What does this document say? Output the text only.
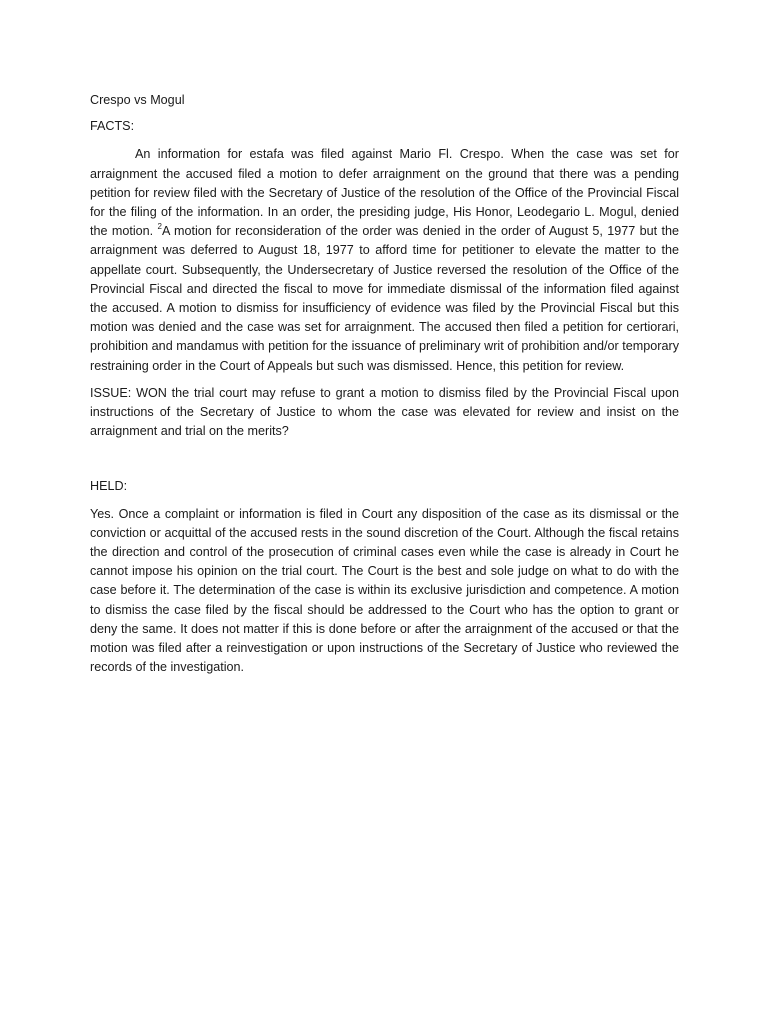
Crespo vs Mogul
FACTS:

An information for estafa was filed against Mario Fl. Crespo. When the case was set for arraignment the accused filed a motion to defer arraignment on the ground that there was a pending petition for review filed with the Secretary of Justice of the resolution of the Office of the Provincial Fiscal for the filing of the information. In an order, the presiding judge, His Honor, Leodegario L. Mogul, denied the motion. $^2$A motion for reconsideration of the order was denied in the order of August 5, 1977 but the arraignment was deferred to August 18, 1977 to afford time for petitioner to elevate the matter to the appellate court. Subsequently, the Undersecretary of Justice reversed the resolution of the Office of the Provincial Fiscal and directed the fiscal to move for immediate dismissal of the information filed against the accused. A motion to dismiss for insufficiency of evidence was filed by the Provincial Fiscal but this motion was denied and the case was set for arraignment. The accused then filed a petition for certiorari, prohibition and mandamus with petition for the issuance of preliminary writ of prohibition and/or temporary restraining order in the Court of Appeals but such was dismissed. Hence, this petition for review.

ISSUE: WON the trial court may refuse to grant a motion to dismiss filed by the Provincial Fiscal upon instructions of the Secretary of Justice to whom the case was elevated for review and insist on the arraignment and trial on the merits?

HELD:

Yes. Once a complaint or information is filed in Court any disposition of the case as its dismissal or the conviction or acquittal of the accused rests in the sound discretion of the Court. Although the fiscal retains the direction and control of the prosecution of criminal cases even while the case is already in Court he cannot impose his opinion on the trial court. The Court is the best and sole judge on what to do with the case before it. The determination of the case is within its exclusive jurisdiction and competence. A motion to dismiss the case filed by the fiscal should be addressed to the Court who has the option to grant or deny the same. It does not matter if this is done before or after the arraignment of the accused or that the motion was filed after a reinvestigation or upon instructions of the Secretary of Justice who reviewed the records of the investigation.
